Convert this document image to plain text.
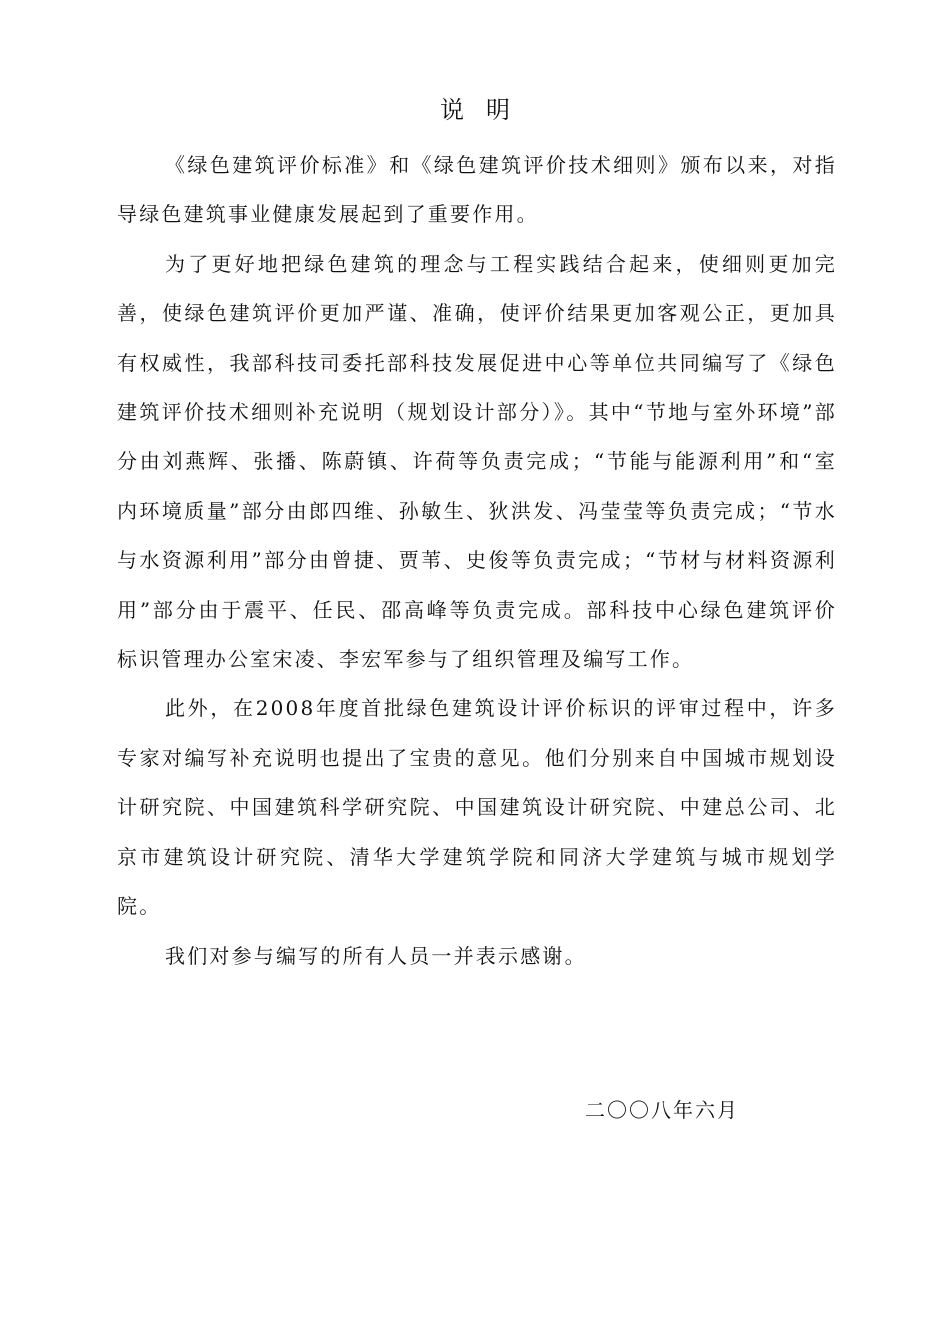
说明

《绿色建筑评价标准》和《绿色建筑评价技术细则》颁布以来，对指导绿色建筑事业健康发展起到了重要作用。

为了更好地把绿色建筑的理念与工程实践结合起来，使细则更加完善，使绿色建筑评价更加严谨、准确，使评价结果更加客观公正，更加具有权威性，我部科技司委托部科技发展促进中心等单位共同编写了《绿色建筑评价技术细则补充说明（规划设计部分）》。其中“节地与室外环境”部分由刘燕辉、张播、陈蔚镇、许荷等负责完成；“节能与能源利用”和“室内环境质量”部分由郎四维、孙敏生、狄洪发、冯莹莹等负责完成；“节水与水资源利用”部分由曾捷、贾苇、史俊等负责完成；“节材与材料资源利用”部分由于震平、任民、邵高峰等负责完成。部科技中心绿色建筑评价标识管理办公室宋凌、李宏军参与了组织管理及编写工作。

此外，在2008年度首批绿色建筑设计评价标识的评审过程中，许多专家对编写补充说明也提出了宝贵的意见。他们分别来自中国城市规划设计研究院、中国建筑科学研究院、中国建筑设计研究院、中建总公司、北京市建筑设计研究院、清华大学建筑学院和同济大学建筑与城市规划学院。

我们对参与编写的所有人员一并表示感谢。

二〇〇八年六月
